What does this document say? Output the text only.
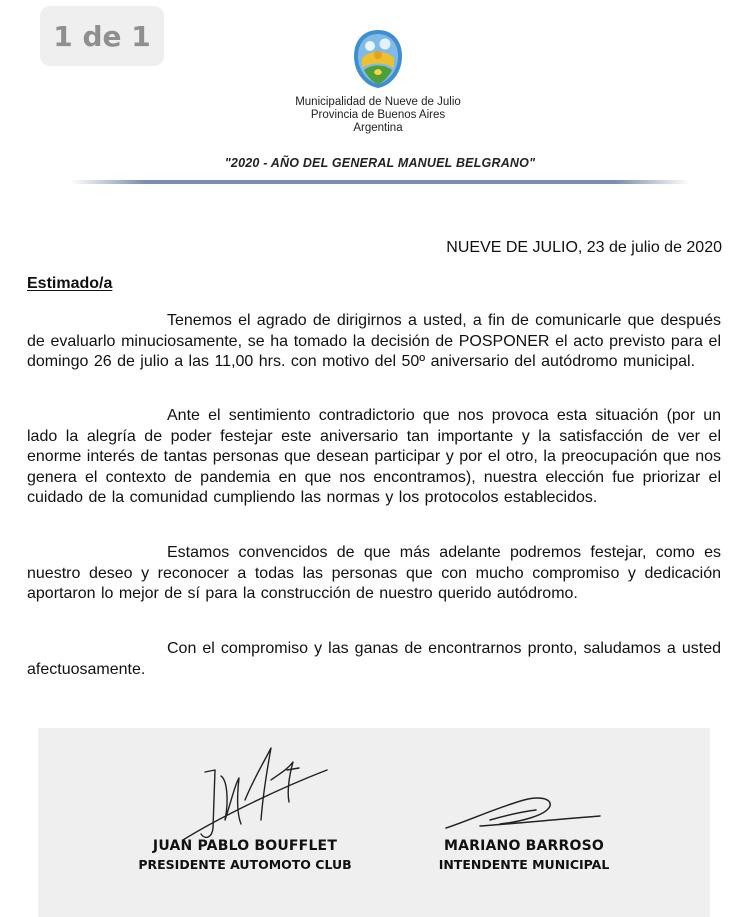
1 de 1
Municipalidad de Nueve de Julio
Provincia de Buenos Aires
Argentina
"2020 - AÑO DEL GENERAL MANUEL BELGRANO"
NUEVE DE JULIO, 23 de julio de 2020
Estimado/a
Tenemos el agrado de dirigirnos a usted, a fin de comunicarle que después de evaluarlo minuciosamente, se ha tomado la decisión de POSPONER el acto previsto para el domingo 26 de julio a las 11,00 hrs. con motivo del 50º aniversario del autódromo municipal.
Ante el sentimiento contradictorio que nos provoca esta situación (por un lado la alegría de poder festejar este aniversario tan importante y la satisfacción de ver el enorme interés de tantas personas que desean participar y por el otro, la preocupación que nos genera el contexto de pandemia en que nos encontramos), nuestra elección fue priorizar el cuidado de la comunidad cumpliendo las normas y los protocolos establecidos.
Estamos convencidos de que más adelante podremos festejar, como es nuestro deseo y reconocer a todas las personas que con mucho compromiso y dedicación aportaron lo mejor de sí para la construcción de nuestro querido autódromo.
Con el compromiso y las ganas de encontrarnos pronto, saludamos a usted afectuosamente.
JUAN PABLO BOUFFLET
PRESIDENTE AUTOMOTO CLUB
MARIANO BARROSO
INTENDENTE MUNICIPAL
